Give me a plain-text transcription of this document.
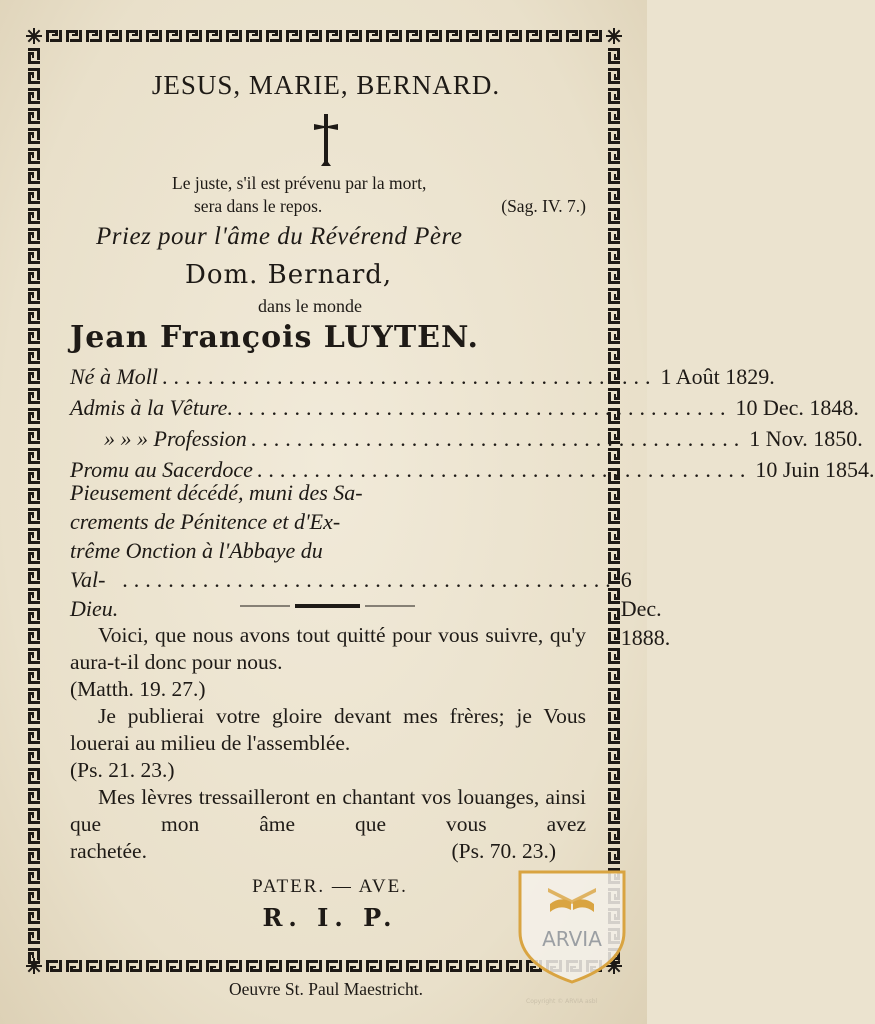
JESUS, MARIE, BERNARD.
Le juste, s'il est prévenu par la mort,
sera dans le repos.	(Sag. IV. 7.)
Priez pour l'âme du Révérend Père
Dom. Bernard,
dans le monde
Jean François LUYTEN.
Né à Moll ........................................... 1 Août 1829.
Admis à la Vêture. ........................................... 10 Dec. 1848.
» » » Profession ........................................... 1 Nov. 1850.
Promu au Sacerdoce ........................................... 10 Juin 1854.
Pieusement décédé, muni des Sa-
crements de Pénitence et d'Ex-
trême Onction à l'Abbaye du
Val-Dieu.
........................................... 6 Dec. 1888.

Voici, que nous avons tout quitté pour vous suivre, qu'y aura-t-il donc pour nous.

(Matth. 19. 27.)

Je publierai votre gloire devant mes frères; je Vous louerai au milieu de l'assemblée.

(Ps. 21. 23.)

Mes lèvres tressailleront en chantant vos louanges, ainsi que mon âme que vous avez

rachetée.	(Ps. 70. 23.)
PATER. — AVE.
R. I. P.
Oeuvre St. Paul Maestricht.
ARVIA
Copyright © ARVIA asbl
